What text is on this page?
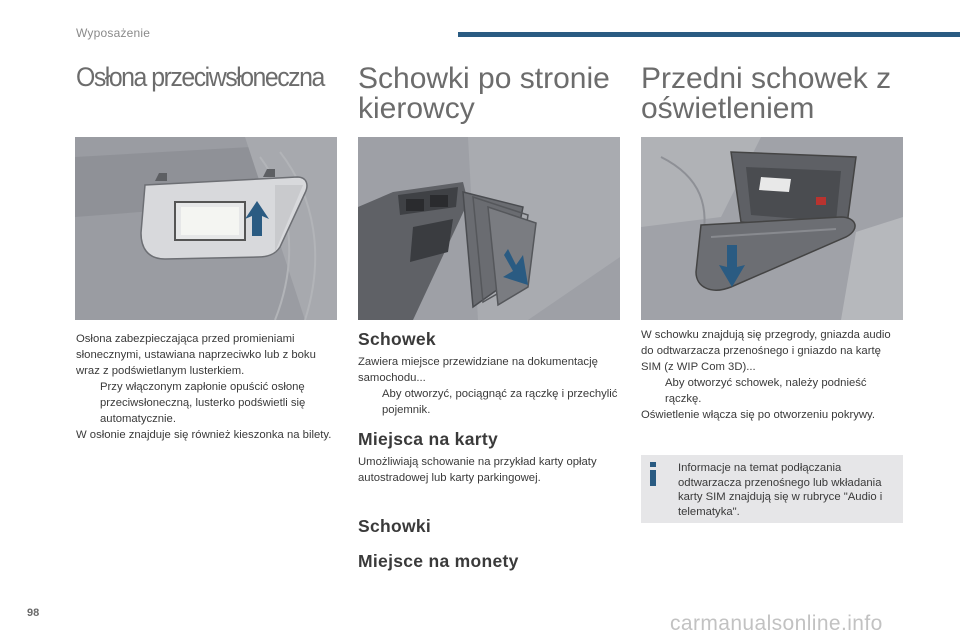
Wyposażenie
Osłona przeciwsłoneczna Schowki po stronie kierowcy
Przedni schowek z oświetleniem
Osłona zabezpieczająca przed promieniami słonecznymi, ustawiana naprzeciwko lub z boku wraz z podświetlanym lusterkiem.
Przy włączonym zapłonie opuścić osłonę przeciwsłoneczną, lusterko podświetli się automatycznie.
W osłonie znajduje się również kieszonka na bilety.
Schowek
Zawiera miejsce przewidziane na dokumentację samochodu...
Aby otworzyć, pociągnąć za rączkę i przechylić pojemnik.
Miejsca na karty
Umożliwiają schowanie na przykład karty opłaty autostradowej lub karty parkingowej.
Schowki
Miejsce na monety
W schowku znajdują się przegrody, gniazda audio do odtwarzacza przenośnego i gniazdo na kartę SIM (z WIP Com 3D)...
Aby otworzyć schowek, należy podnieść rączkę.
Oświetlenie włącza się po otworzeniu pokrywy.
Informacje na temat podłączania odtwarzacza przenośnego lub wkładania karty SIM znajdują się w rubryce "Audio i telematyka".
98	carmanualsonline.info
